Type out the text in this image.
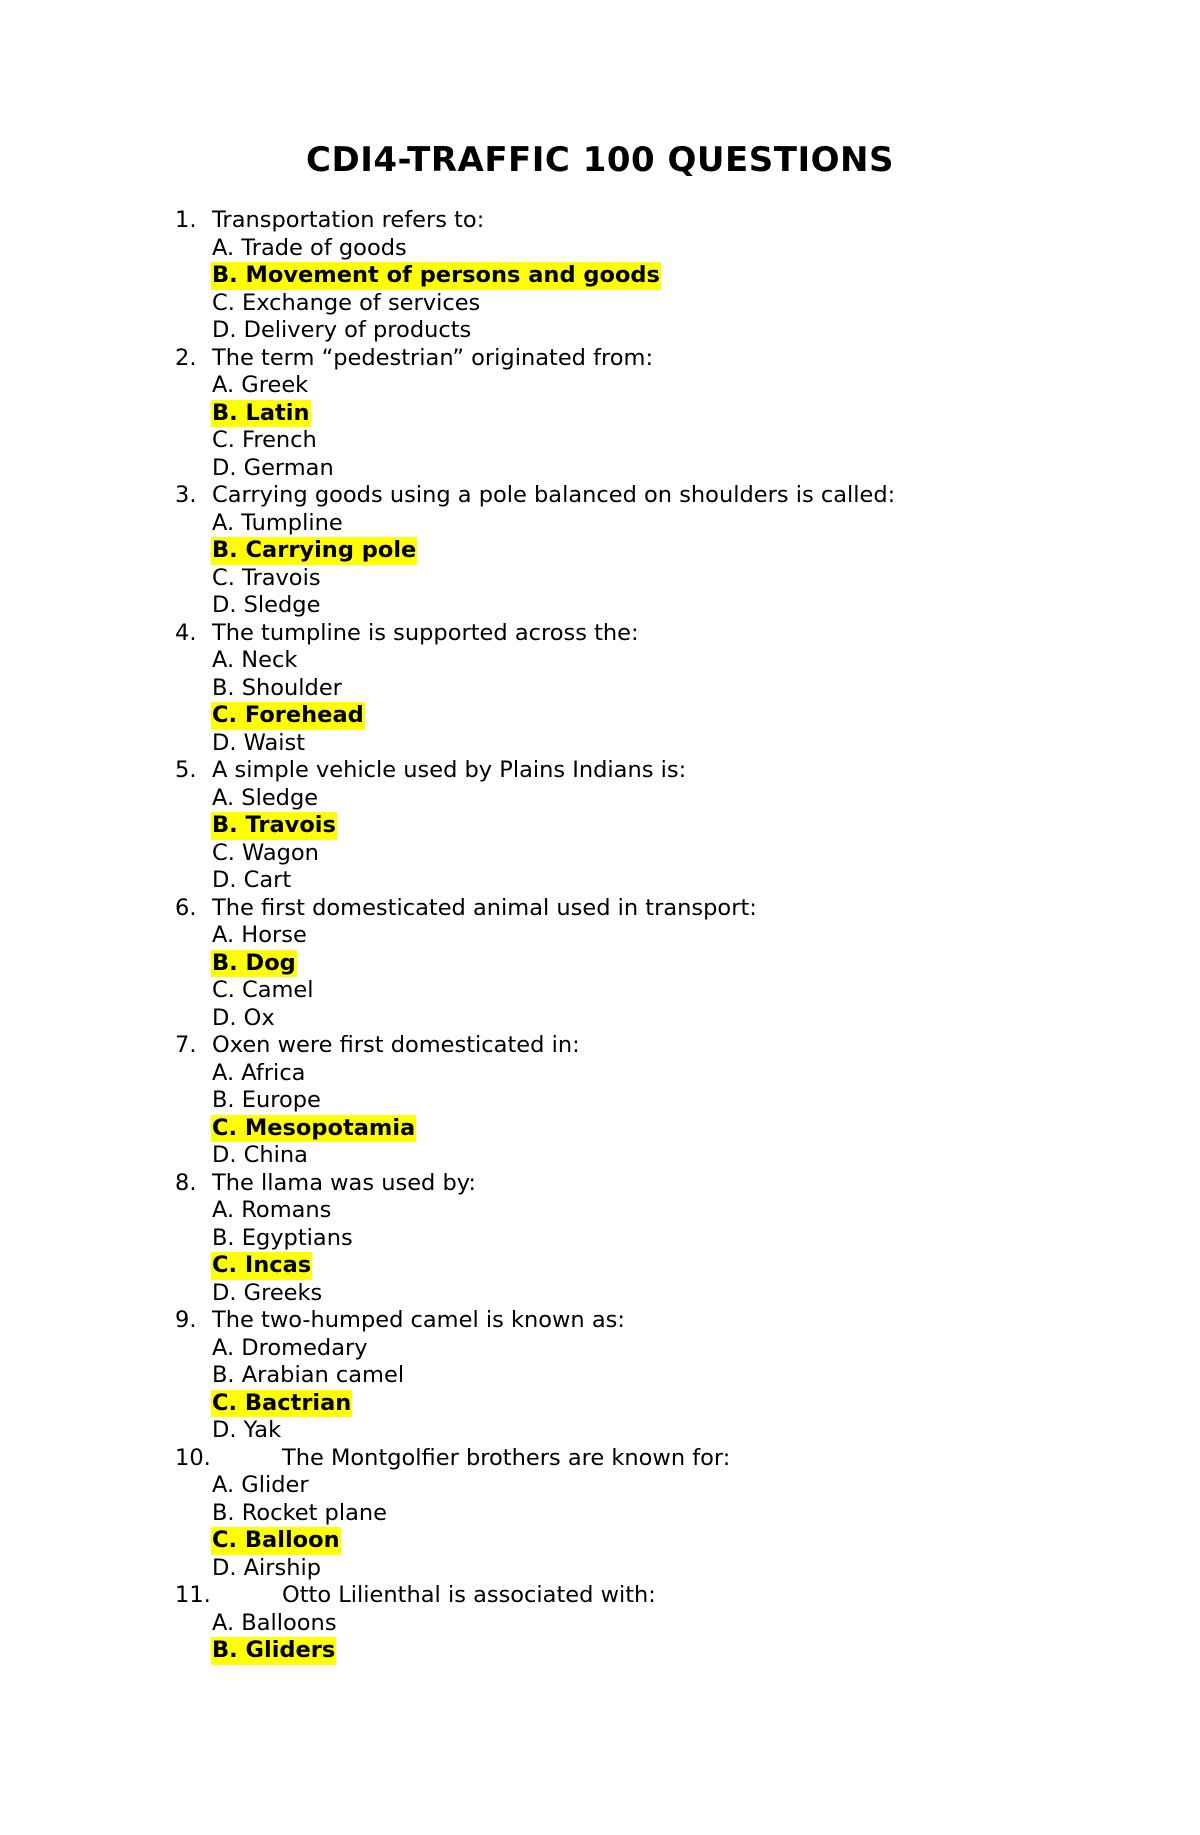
CDI4-TRAFFIC 100 QUESTIONS
1. Transportation refers to:
A. Trade of goods
B. Movement of persons and goods
C. Exchange of services
D. Delivery of products
2. The term “pedestrian” originated from:
A. Greek
B. Latin
C. French
D. German
3. Carrying goods using a pole balanced on shoulders is called:
A. Tumpline
B. Carrying pole
C. Travois
D. Sledge
4. The tumpline is supported across the:
A. Neck
B. Shoulder
C. Forehead
D. Waist
5. A simple vehicle used by Plains Indians is:
A. Sledge
B. Travois
C. Wagon
D. Cart
6. The first domesticated animal used in transport:
A. Horse
B. Dog
C. Camel
D. Ox
7. Oxen were first domesticated in:
A. Africa
B. Europe
C. Mesopotamia
D. China
8. The llama was used by:
A. Romans
B. Egyptians
C. Incas
D. Greeks
9. The two-humped camel is known as:
A. Dromedary
B. Arabian camel
C. Bactrian
D. Yak
10.	The Montgolfier brothers are known for:
A. Glider
B. Rocket plane
C. Balloon
D. Airship
11.	Otto Lilienthal is associated with:
A. Balloons
B. Gliders
